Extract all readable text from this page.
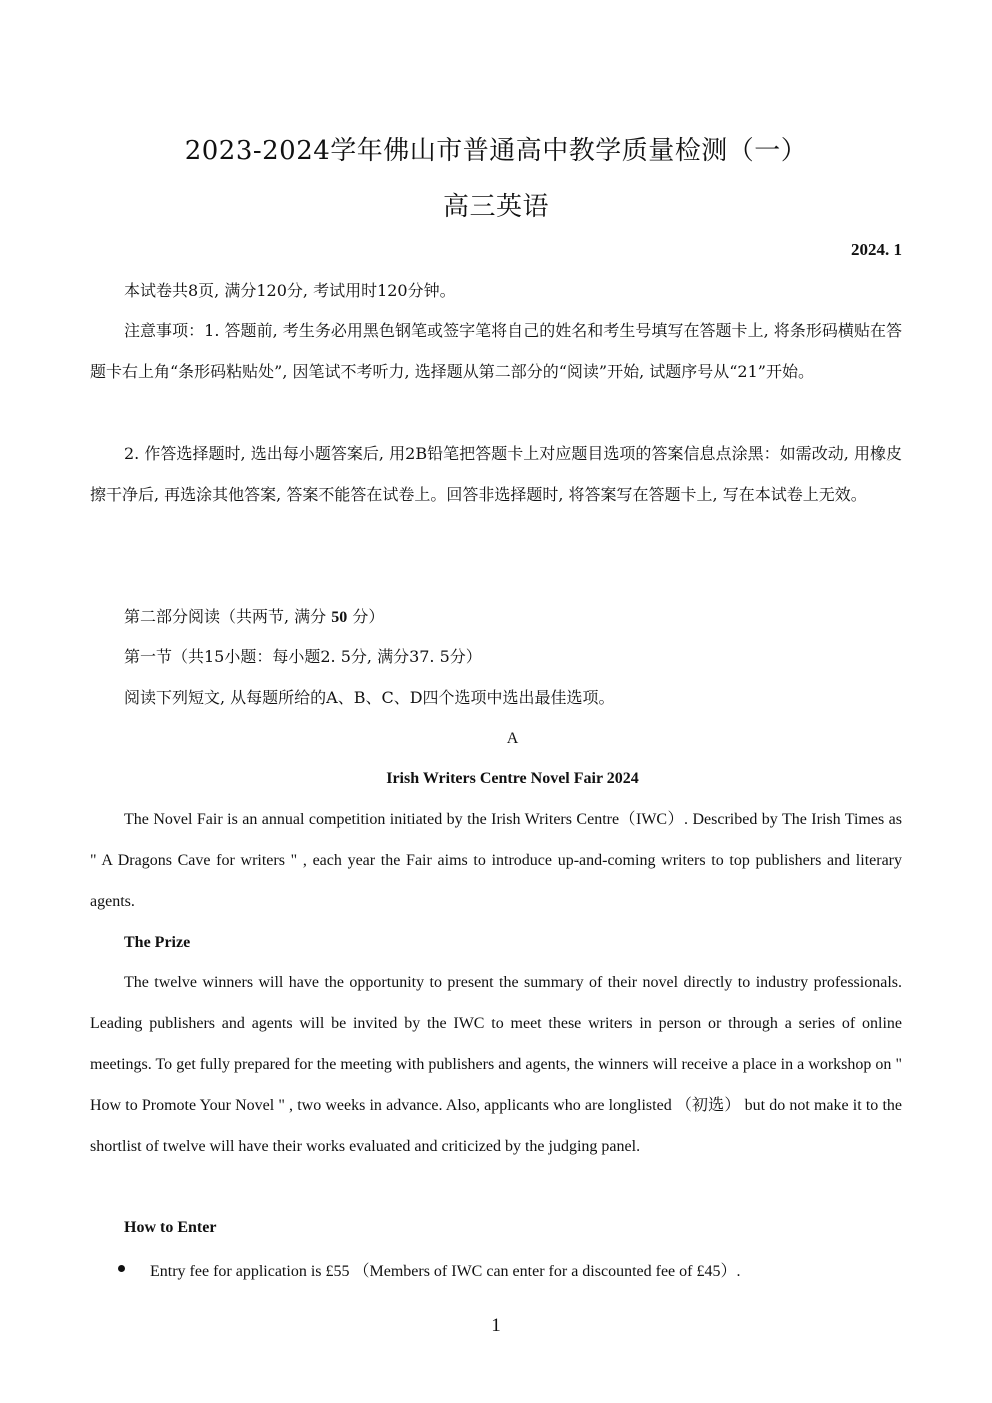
2023-2024学年佛山市普通高中教学质量检测（一）
高三英语
2024. 1
本试卷共8页, 满分120分, 考试用时120分钟。
注意事项：1. 答题前, 考生务必用黑色钢笔或签字笔将自己的姓名和考生号填写在答题卡上, 将条形码横贴在答题卡右上角“条形码粘贴处”, 因笔试不考听力, 选择题从第二部分的“阅读”开始, 试题序号从“21”开始。
2. 作答选择题时, 选出每小题答案后, 用2B铅笔把答题卡上对应题目选项的答案信息点涂黑：如需改动, 用橡皮擦干净后, 再选涂其他答案, 答案不能答在试卷上。回答非选择题时, 将答案写在答题卡上, 写在本试卷上无效。
第二部分阅读（共两节, 满分 50 分）
第一节（共15小题：每小题2. 5分, 满分37. 5分）
阅读下列短文, 从每题所给的A、B、C、D四个选项中选出最佳选项。
A
Irish Writers Centre Novel Fair 2024
The Novel Fair is an annual competition initiated by the Irish Writers Centre（IWC）. Described by The Irish Times as " A Dragons Cave for writers " , each year the Fair aims to introduce up-and-coming writers to top publishers and literary agents.
The Prize
The twelve winners will have the opportunity to present the summary of their novel directly to industry professionals. Leading publishers and agents will be invited by the IWC to meet these writers in person or through a series of online meetings. To get fully prepared for the meeting with publishers and agents, the winners will receive a place in a workshop on " How to Promote Your Novel " , two weeks in advance. Also, applicants who are longlisted （初选） but do not make it to the shortlist of twelve will have their works evaluated and criticized by the judging panel.
How to Enter
Entry fee for application is £55 （Members of IWC can enter for a discounted fee of £45）.
1
